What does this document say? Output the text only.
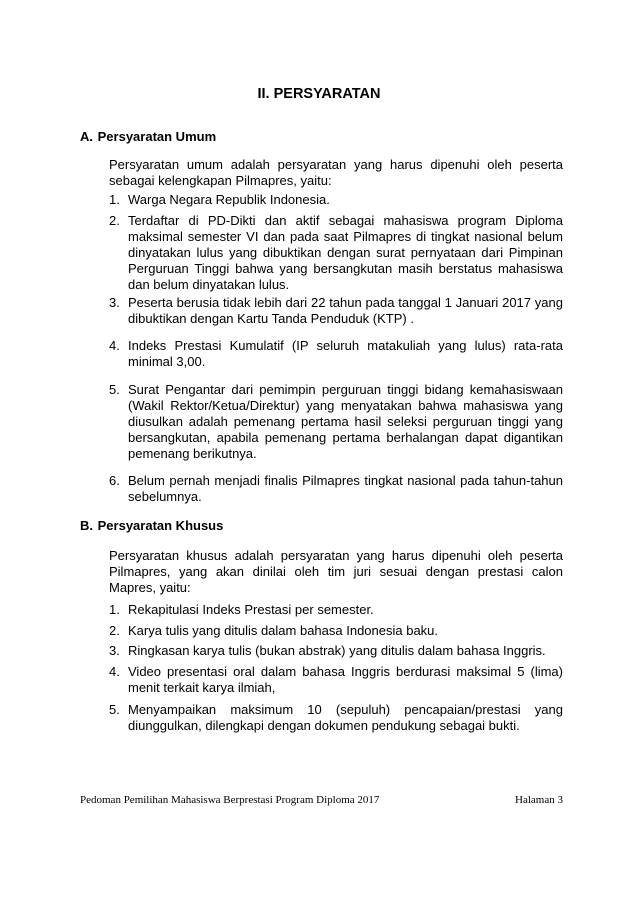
II. PERSYARATAN
A. Persyaratan Umum
Persyaratan umum adalah persyaratan yang harus dipenuhi oleh peserta sebagai kelengkapan Pilmapres, yaitu:
1. Warga Negara Republik Indonesia.
2. Terdaftar di PD-Dikti dan aktif sebagai mahasiswa program Diploma maksimal semester VI dan pada saat Pilmapres di tingkat nasional belum dinyatakan lulus yang dibuktikan dengan surat pernyataan dari Pimpinan Perguruan Tinggi bahwa yang bersangkutan masih berstatus mahasiswa dan belum dinyatakan lulus.
3. Peserta berusia tidak lebih dari 22 tahun pada tanggal 1 Januari 2017 yang dibuktikan dengan Kartu Tanda Penduduk (KTP) .
4. Indeks Prestasi Kumulatif (IP seluruh matakuliah yang lulus) rata-rata minimal 3,00.
5. Surat Pengantar dari pemimpin perguruan tinggi bidang kemahasiswaan (Wakil Rektor/Ketua/Direktur) yang menyatakan bahwa mahasiswa yang diusulkan adalah pemenang pertama hasil seleksi perguruan tinggi yang bersangkutan, apabila pemenang pertama berhalangan dapat digantikan pemenang berikutnya.
6. Belum pernah menjadi finalis Pilmapres tingkat nasional pada tahun-tahun sebelumnya.
B. Persyaratan Khusus
Persyaratan khusus adalah persyaratan yang harus dipenuhi oleh peserta Pilmapres, yang akan dinilai oleh tim juri sesuai dengan prestasi calon Mapres, yaitu:
1. Rekapitulasi Indeks Prestasi per semester.
2. Karya tulis yang ditulis dalam bahasa Indonesia baku.
3. Ringkasan karya tulis (bukan abstrak) yang ditulis dalam bahasa Inggris.
4. Video presentasi oral dalam bahasa Inggris berdurasi maksimal 5 (lima) menit terkait karya ilmiah,
5. Menyampaikan maksimum 10 (sepuluh) pencapaian/prestasi yang diunggulkan, dilengkapi dengan dokumen pendukung sebagai bukti.
Pedoman Pemilihan Mahasiswa Berprestasi Program Diploma 2017	Halaman 3
